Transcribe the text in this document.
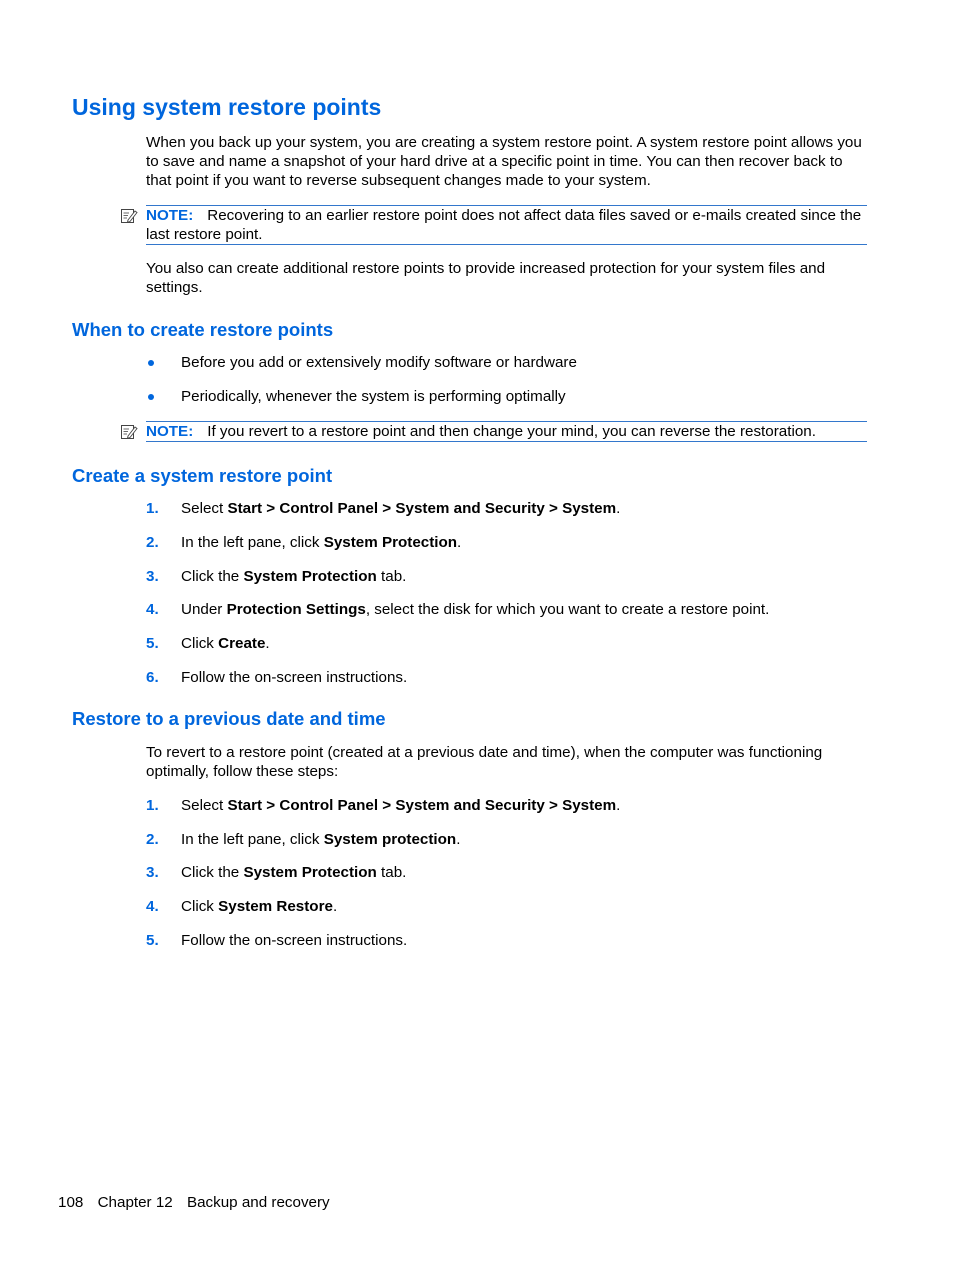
Using system restore points

When you back up your system, you are creating a system restore point. A system restore point allows you to save and name a snapshot of your hard drive at a specific point in time. You can then recover back to that point if you want to reverse subsequent changes made to your system.

NOTE: Recovering to an earlier restore point does not affect data files saved or e-mails created since the last restore point.

You also can create additional restore points to provide increased protection for your system files and settings.

When to create restore points
Before you add or extensively modify software or hardware
Periodically, whenever the system is performing optimally

NOTE: If you revert to a restore point and then change your mind, you can reverse the restoration.

Create a system restore point
1. Select Start > Control Panel > System and Security > System.
2. In the left pane, click System Protection.
3. Click the System Protection tab.
4. Under Protection Settings, select the disk for which you want to create a restore point.
5. Click Create.
6. Follow the on-screen instructions.
Restore to a previous date and time

To revert to a restore point (created at a previous date and time), when the computer was functioning optimally, follow these steps:

1. Select Start > Control Panel > System and Security > System.
2. In the left pane, click System protection.
3. Click the System Protection tab.
4. Click System Restore.
5. Follow the on-screen instructions.
108 Chapter 12 Backup and recovery
